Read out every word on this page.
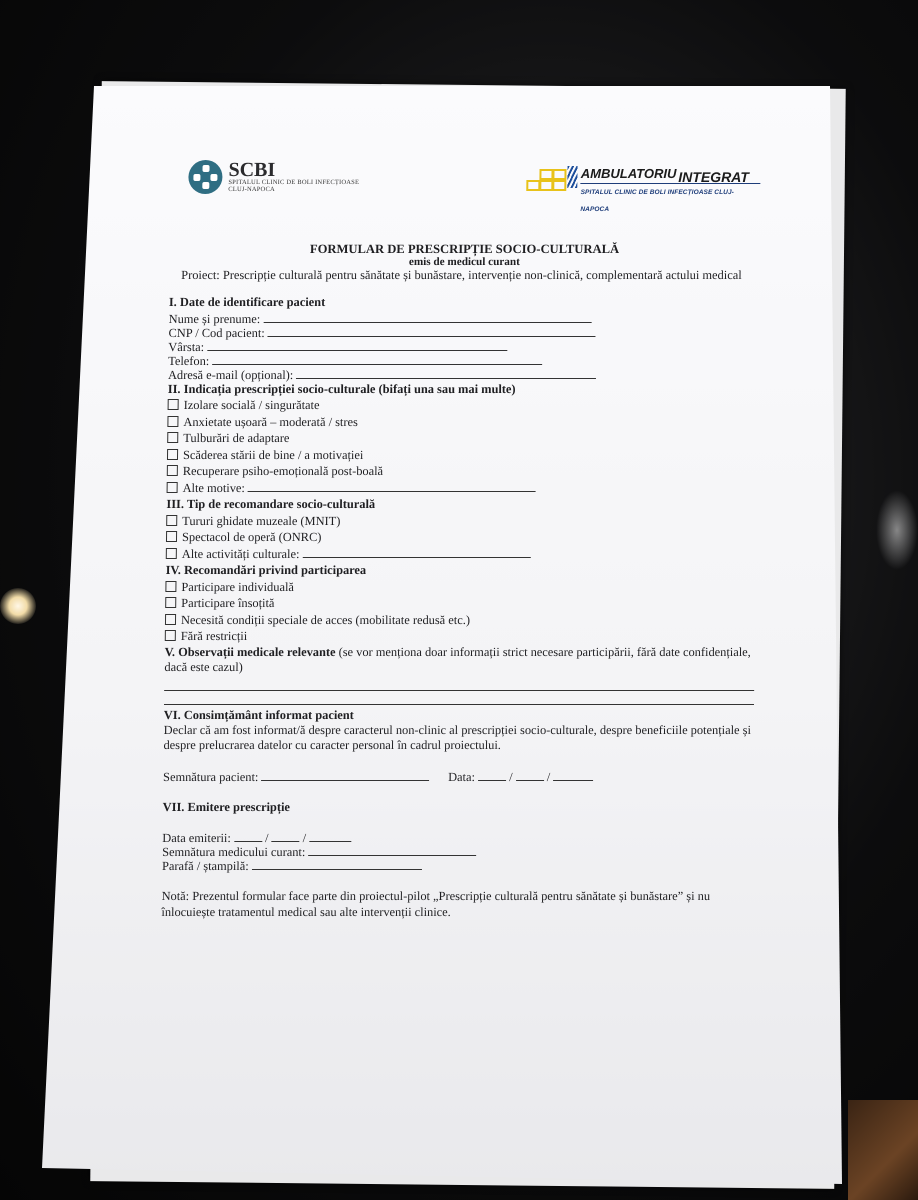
SCBI
SPITALUL CLINIC DE BOLI INFECȚIOASE CLUJ-NAPOCA
AMBULATORIU INTEGRAT
SPITALUL CLINIC DE BOLI INFECȚIOASE CLUJ-NAPOCA
FORMULAR DE PRESCRIPȚIE SOCIO-CULTURALĂ
emis de medicul curant
Proiect: Prescripție culturală pentru sănătate și bunăstare, intervenție non-clinică, complementară actului medical
I. Date de identificare pacient
Nume și prenume:
CNP / Cod pacient:
Vârsta:
Telefon:
Adresă e-mail (opțional):
II. Indicația prescripției socio-culturale (bifați una sau mai multe)
Izolare socială / singurătate
Anxietate ușoară – moderată / stres
Tulburări de adaptare
Scăderea stării de bine / a motivației
Recuperare psiho-emoțională post-boală
Alte motive:
III. Tip de recomandare socio-culturală
Tururi ghidate muzeale (MNIT)
Spectacol de operă (ONRC)
Alte activități culturale:
IV. Recomandări privind participarea
Participare individuală
Participare însoțită
Necesită condiții speciale de acces (mobilitate redusă etc.)
Fără restricții
V. Observații medicale relevante (se vor menționa doar informații strict necesare participării, fără date confidențiale, dacă este cazul)
VI. Consimțământ informat pacient
Declar că am fost informat/ă despre caracterul non-clinic al prescripției socio-culturale, despre beneficiile potențiale și despre prelucrarea datelor cu caracter personal în cadrul proiectului.
Semnătura pacient:	Data:  /  /
VII. Emitere prescripție
Data emiterii:  /  /
Semnătura medicului curant:
Parafă / ștampilă:
Notă: Prezentul formular face parte din proiectul-pilot „Prescripție culturală pentru sănătate și bunăstare” și nu înlocuiește tratamentul medical sau alte intervenții clinice.
